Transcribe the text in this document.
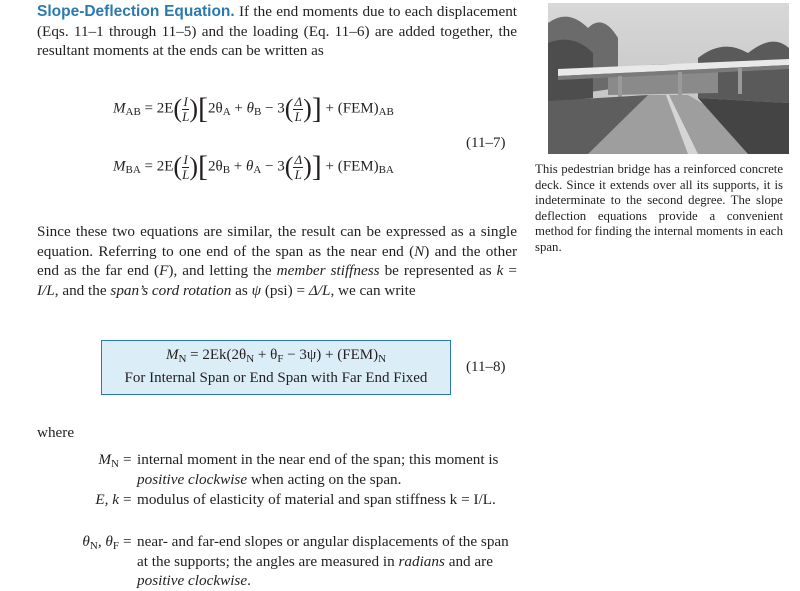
Slope-Deflection Equation. If the end moments due to each displacement (Eqs. 11–1 through 11–5) and the loading (Eq. 11–6) are added together, the resultant moments at the ends can be written as
$M_{AB} = 2E( \frac{I}{L} )[2\theta_A + \theta_B - 3( \frac{\Delta}{L}$ )] + $(FEM)_{AB}$
(11–7)
$M_{BA} = 2E( \frac{I}{L} )[2\theta_B + \theta_A - 3( \frac{\Delta}{L}$ )] + $(FEM)_{BA}$	This pedestrian bridge has a reinforced concrete deck. Since it extends over all its supports, it is indeterminate to the second degree. The slope deflection equations provide a convenient method for finding the internal moments in each span.
Since these two equations are similar, the result can be expressed as a single equation. Referring to one end of the span as the near end (N) and the other end as the far end (F), and letting the member stiffness be represented as k = I/L, and the span’s cord rotation as ψ (psi) = Δ/L, we can write
$M_N = 2Ek(2\theta_N + \theta_F - 3\psi) + (FEM)_N$
For Internal Span or End Span with Far End Fixed
(11–8)
where
MN = internal moment in the near end of the span; this moment is positive clockwise when acting on the span.
E, k = modulus of elasticity of material and span stiffness k = I/L.
θN, θF = near- and far-end slopes or angular displacements of the span at the supports; the angles are measured in radians and are positive clockwise.
